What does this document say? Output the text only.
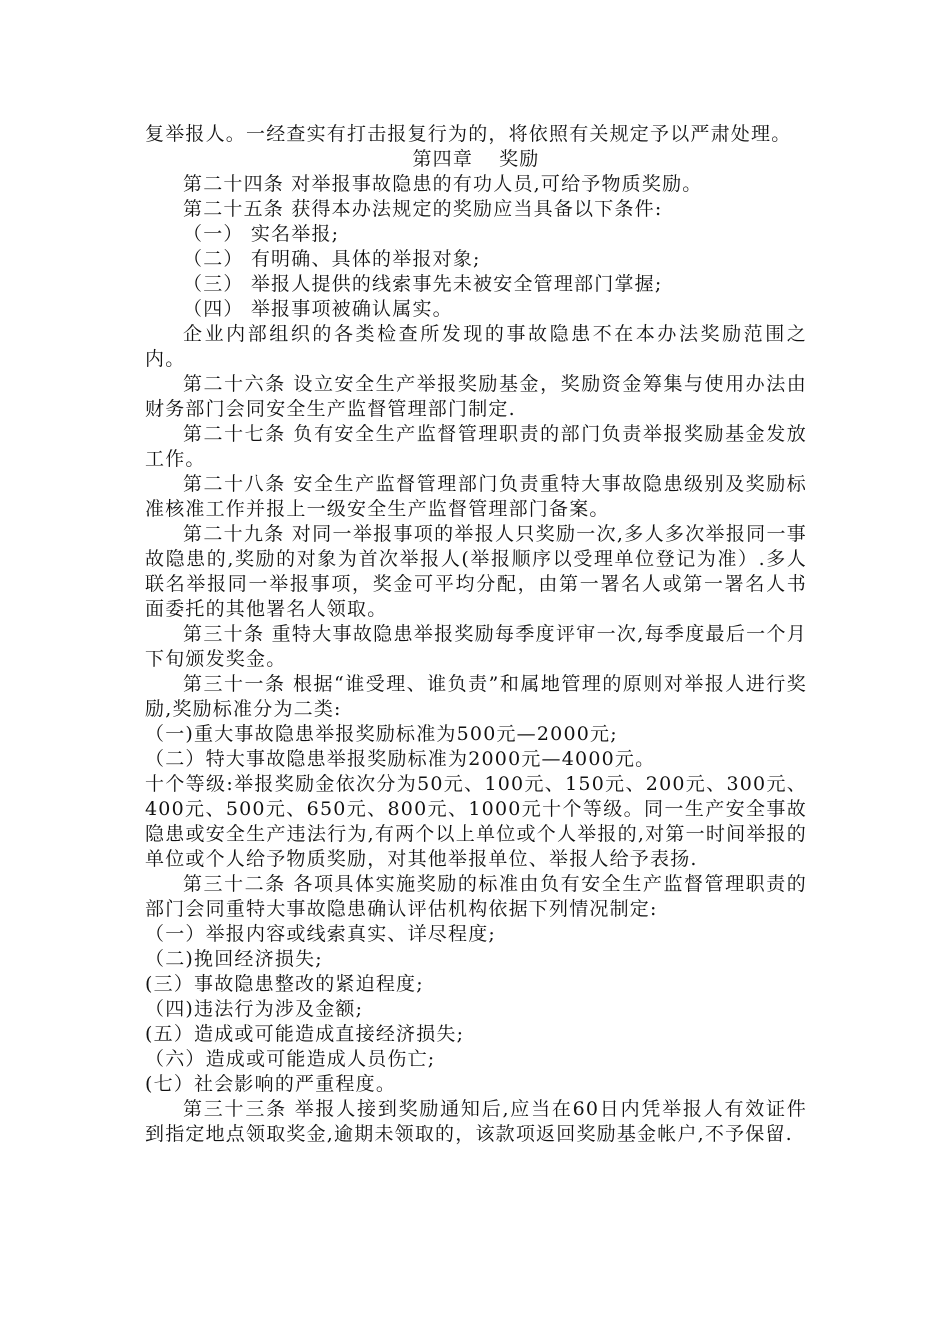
复举报人。一经查实有打击报复行为的，将依照有关规定予以严肃处理。

第四章 奖励

第二十四条 对举报事故隐患的有功人员,可给予物质奖励。

第二十五条 获得本办法规定的奖励应当具备以下条件:

（一） 实名举报;

（二） 有明确、具体的举报对象;

（三） 举报人提供的线索事先未被安全管理部门掌握;

（四） 举报事项被确认属实。

企业内部组织的各类检查所发现的事故隐患不在本办法奖励范围之内。

第二十六条 设立安全生产举报奖励基金，奖励资金筹集与使用办法由财务部门会同安全生产监督管理部门制定.

第二十七条 负有安全生产监督管理职责的部门负责举报奖励基金发放工作。

第二十八条 安全生产监督管理部门负责重特大事故隐患级别及奖励标准核准工作并报上一级安全生产监督管理部门备案。

第二十九条 对同一举报事项的举报人只奖励一次,多人多次举报同一事故隐患的,奖励的对象为首次举报人(举报顺序以受理单位登记为准）.多人联名举报同一举报事项，奖金可平均分配，由第一署名人或第一署名人书面委托的其他署名人领取。

第三十条 重特大事故隐患举报奖励每季度评审一次,每季度最后一个月下旬颁发奖金。

第三十一条 根据“谁受理、谁负责”和属地管理的原则对举报人进行奖励,奖励标准分为二类:

（一)重大事故隐患举报奖励标准为500元—2000元;

（二）特大事故隐患举报奖励标准为2000元—4000元。

十个等级:举报奖励金依次分为50元、100元、150元、200元、300元、400元、500元、650元、800元、1000元十个等级。同一生产安全事故隐患或安全生产违法行为,有两个以上单位或个人举报的,对第一时间举报的单位或个人给予物质奖励，对其他举报单位、举报人给予表扬.

第三十二条 各项具体实施奖励的标准由负有安全生产监督管理职责的部门会同重特大事故隐患确认评估机构依据下列情况制定:

（一）举报内容或线索真实、详尽程度;

（二)挽回经济损失;

(三）事故隐患整改的紧迫程度;

（四)违法行为涉及金额;

(五）造成或可能造成直接经济损失;

（六）造成或可能造成人员伤亡;

(七）社会影响的严重程度。

第三十三条 举报人接到奖励通知后,应当在60日内凭举报人有效证件到指定地点领取奖金,逾期未领取的，该款项返回奖励基金帐户,不予保留.
